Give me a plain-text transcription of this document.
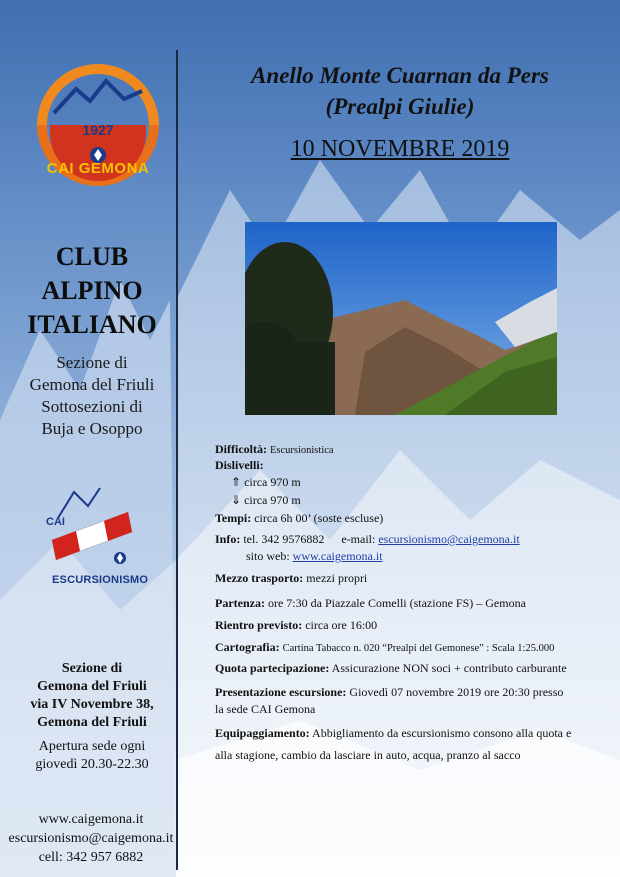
1927
CAI GEMONA
CLUB
ALPINO
ITALIANO
Sezione di
Gemona del Friuli
Sottosezioni di
Buja e Osoppo
CAI
ESCURSIONISMO
Sezione di
Gemona del Friuli
via IV Novembre 38,
Gemona del Friuli
Apertura sede ogni
giovedì 20.30-22.30
www.caigemona.it
escursionismo@caigemona.it
cell: 342 957 6882
Anello Monte Cuarnan da Pers
(Prealpi Giulie)
10 NOVEMBRE 2019
Difficoltà: Escursionistica
Dislivelli:
⇑ circa 970 m
⇓ circa 970 m
Tempi: circa 6h 00’ (soste escluse)
Info: tel. 342 9576882 e-mail: escursionismo@caigemona.it
sito web: www.caigemona.it
Mezzo trasporto: mezzi propri
Partenza: ore 7:30 da Piazzale Comelli (stazione FS) – Gemona
Rientro previsto: circa ore 16:00
Cartografia: Cartina Tabacco n. 020 “Prealpi del Gemonese” : Scala 1:25.000
Quota partecipazione: Assicurazione NON soci + contributo carburante
Presentazione escursione: Giovedì 07 novembre 2019 ore 20:30 presso
la sede CAI Gemona
Equipaggiamento: Abbigliamento da escursionismo consono alla quota e
alla stagione, cambio da lasciare in auto, acqua, pranzo al sacco
